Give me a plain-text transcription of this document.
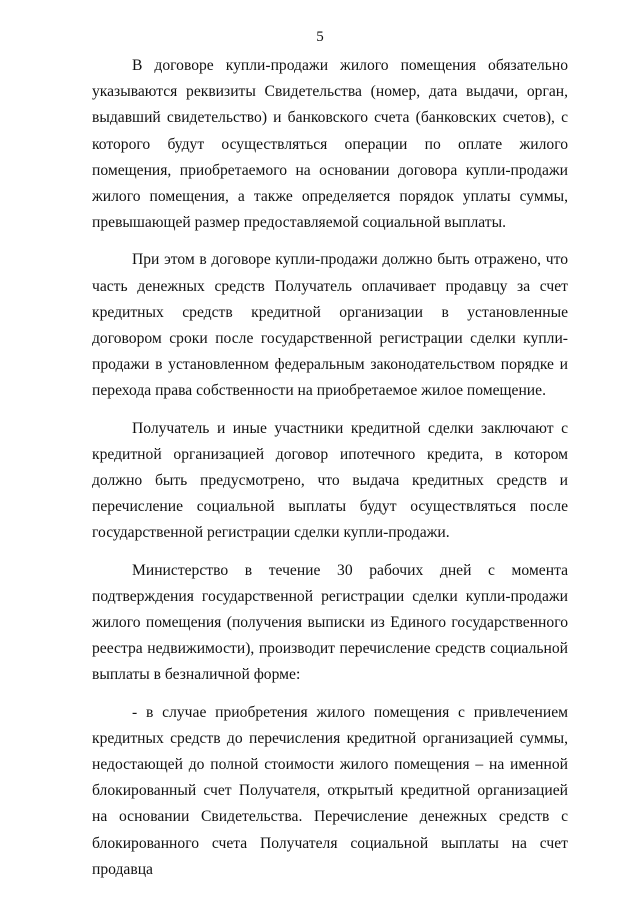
5

В договоре купли-продажи жилого помещения обязательно указываются реквизиты Свидетельства (номер, дата выдачи, орган, выдавший свидетельство) и банковского счета (банковских счетов), с которого будут осуществляться операции по оплате жилого помещения, приобретаемого на основании договора купли-продажи жилого помещения, а также определяется порядок уплаты суммы, превышающей размер предоставляемой социальной выплаты.

При этом в договоре купли-продажи должно быть отражено, что часть денежных средств Получатель оплачивает продавцу за счет кредитных средств кредитной организации в установленные договором сроки после государственной регистрации сделки купли-продажи в установленном федеральным законодательством порядке и перехода права собственности на приобретаемое жилое помещение.

Получатель и иные участники кредитной сделки заключают с кредитной организацией договор ипотечного кредита, в котором должно быть предусмотрено, что выдача кредитных средств и перечисление социальной выплаты будут осуществляться после государственной регистрации сделки купли-продажи.

Министерство в течение 30 рабочих дней с момента подтверждения государственной регистрации сделки купли-продажи жилого помещения (получения выписки из Единого государственного реестра недвижимости), производит перечисление средств социальной выплаты в безналичной форме:

- в случае приобретения жилого помещения с привлечением кредитных средств до перечисления кредитной организацией суммы, недостающей до полной стоимости жилого помещения – на именной блокированный счет Получателя, открытый кредитной организацией на основании Свидетельства. Перечисление денежных средств с блокированного счета Получателя социальной выплаты на счет продавца
